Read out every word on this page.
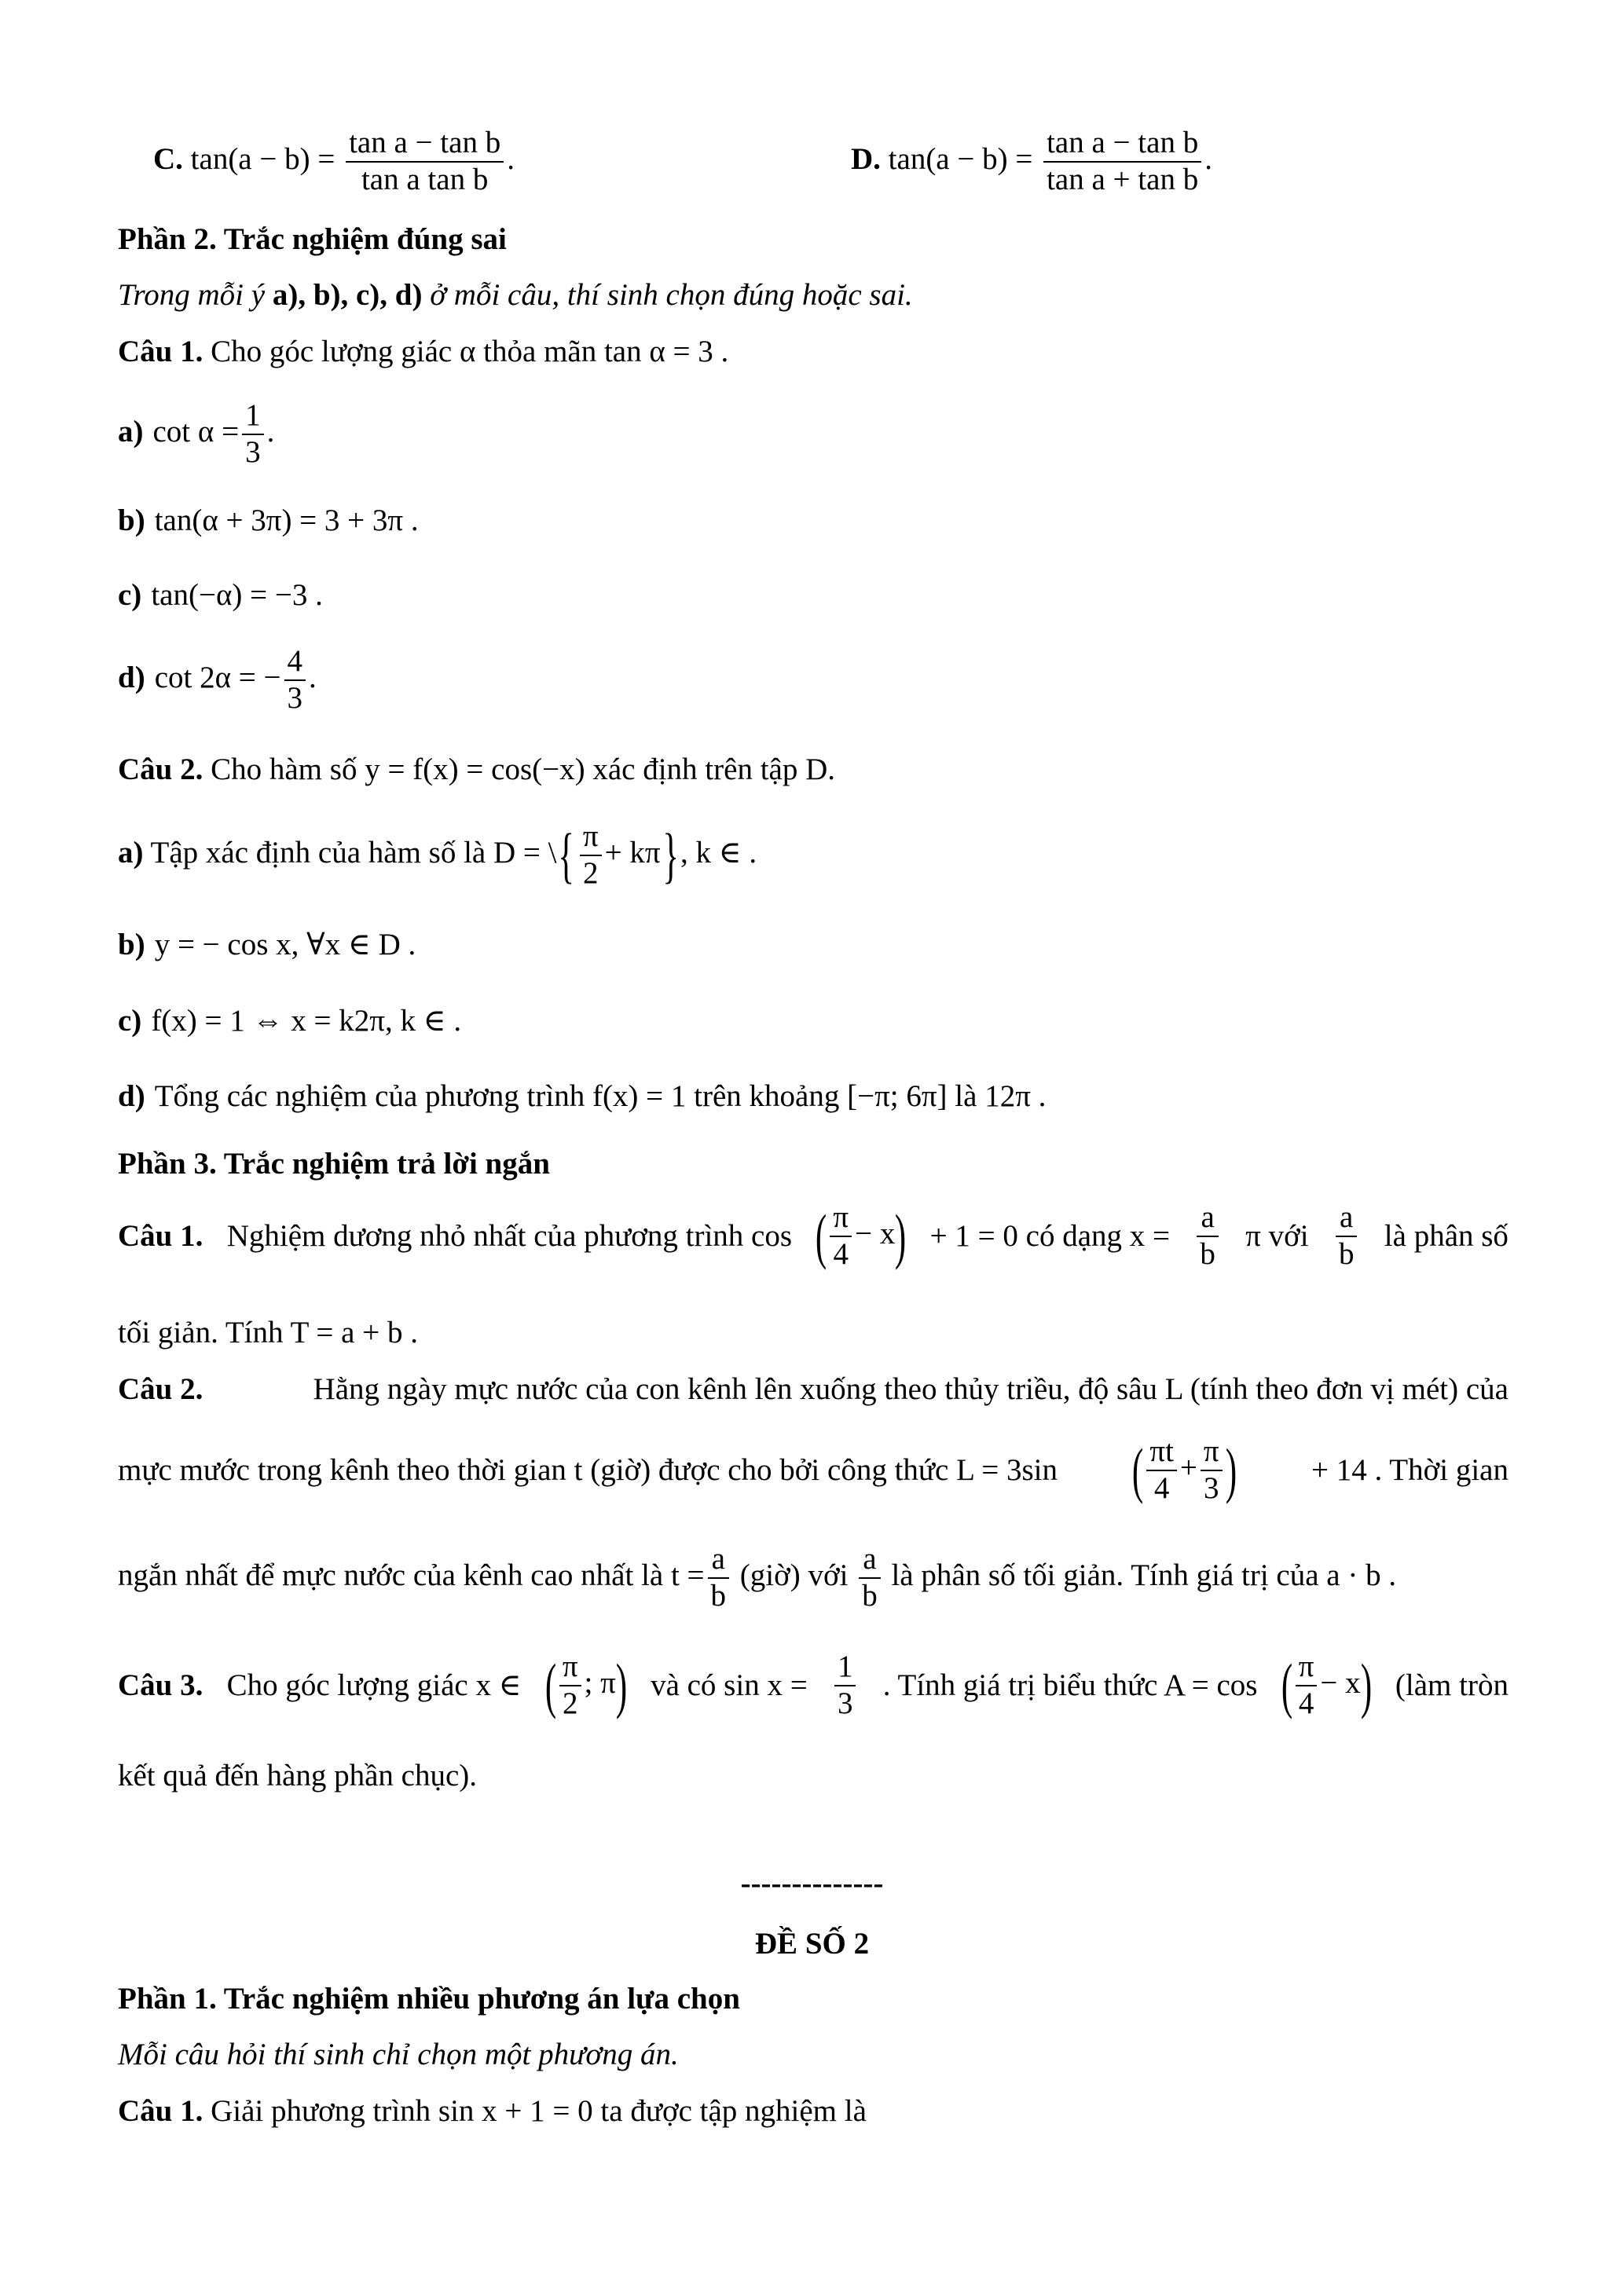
C. $\tan(a - b) = \frac{\text{tan a − tan b}}{\text{tan a tan b}}$ .	D. $\tan(a - b) = \frac{\text{tan a − tan b}}{\text{tan a + tan b}}$ .
Phần 2. Trắc nghiệm đúng sai
Trong mỗi ý a), b), c), d) ở mỗi câu, thí sinh chọn đúng hoặc sai.
Câu 1. Cho góc lượng giác α thỏa mãn tan α = 3 .
a) $\cot \alpha = \frac{1}{3}$ .
b) tan(α + 3π) = 3 + 3π .
c) tan(−α) = −3 .
d) cot 2α = − $\frac{4}{3}$ .
Câu 2. Cho hàm số y = f(x) = cos(−x) xác định trên tập D.
a) Tập xác định của hàm số là D = \{ $\frac{\pi}{2} + k\pi$}, k ∈ .
b) y = − cos x, ∀x ∈ D .
c) f(x) = 1 ⇔ x = k2π, k ∈ .
d) Tổng các nghiệm của phương trình f(x) = 1 trên khoảng [−π; 6π] là 12π .
Phần 3. Trắc nghiệm trả lời ngắn
Câu 1. Nghiệm dương nhỏ nhất của phương trình cos ( $\frac{\pi}{4} - x) + 1 = 0$ có dạng $x = \frac{a}{b}$ π với $\frac{a}{b}$ là phân số
tối giản. Tính T = a + b .
Câu 2.	Hằng ngày mực nước của con kênh lên xuống theo thủy triều, độ sâu L (tính theo đơn vị mét) của
mực mước trong kênh theo thời gian t (giờ) được cho bởi công thức L = 3sin ( $\frac{\pi t}{4} + \frac{\pi}{3}$ ) + 14 . Thời gian
ngắn nhất để mực nước của kênh cao nhất là $t = \frac{a}{b}$ (giờ) với $\frac{a}{b}$ là phân số tối giản. Tính giá trị của a · b .
Câu 3. Cho góc lượng giác x ∈ ( $\frac{\pi}{2}$ ; π) và có $\sin x = \frac{1}{3}$ . Tính giá trị biểu thức A = cos ( $\frac{\pi}{4} - x$) (làm tròn
kết quả đến hàng phần chục).
--------------
ĐỀ SỐ 2
Phần 1. Trắc nghiệm nhiều phương án lựa chọn
Mỗi câu hỏi thí sinh chỉ chọn một phương án.
Câu 1. Giải phương trình sin x + 1 = 0 ta được tập nghiệm là
